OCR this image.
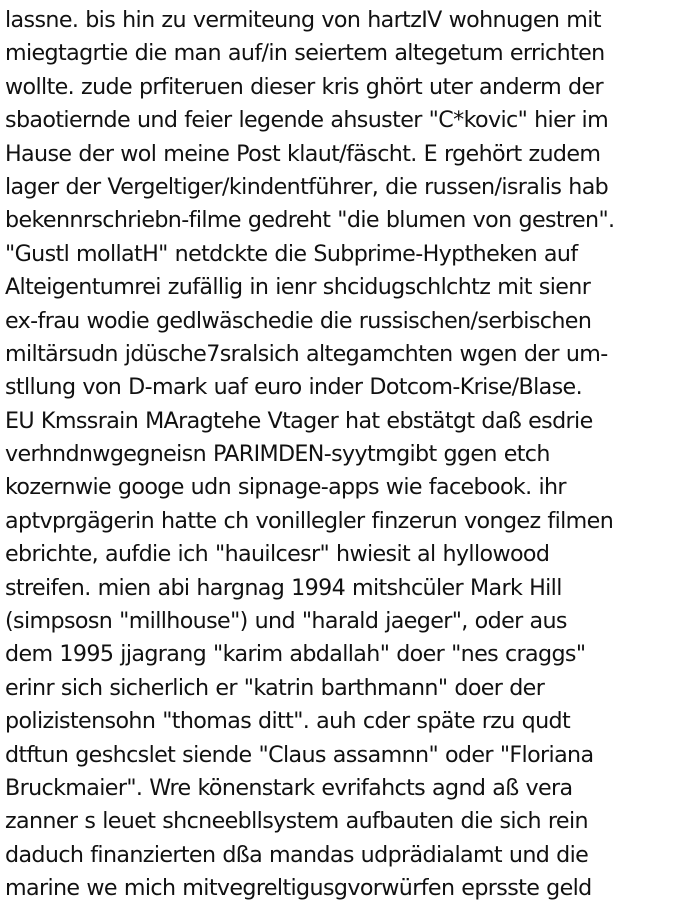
lassne. bis hin zu vermiteung von hartzIV wohnugen mit
miegtagrtie die man auf/in seiertem altegetum errichten
wollte. zude prfiteruen dieser kris ghört uter anderm der
sbaotiernde und feier legende ahsuster "C*kovic" hier im
Hause der wol meine Post klaut/fäscht. E rgehört zudem
lager der Vergeltiger/kindentführer, die russen/isralis hab
bekennrschriebn-filme gedreht "die blumen von gestren".
"Gustl mollatH" netdckte die Subprime-Hyptheken auf
Alteigentumrei zufällig in ienr shcidugschlchtz mit sienr
ex-frau wodie gedlwäschedie die russischen/serbischen
miltärsudn jdüsche7sralsich altegamchten wgen der um-
stllung von D-mark uaf euro inder Dotcom-Krise/Blase.
EU Kmssrain MAragtehe Vtager hat ebstätgt daß esdrie
verhndnwgegneisn PARIMDEN-syytmgibt ggen etch
kozernwie googe udn sipnage-apps wie facebook. ihr
aptvprgägerin hatte ch vonillegler finzerun vongez filmen
ebrichte, aufdie ich "hauilcesr" hwiesit al hyllowood
streifen. mien abi hargnag 1994 mitshcüler Mark Hill
(simpsosn "millhouse") und "harald jaeger", oder aus
dem 1995 jjagrang "karim abdallah" doer "nes craggs"
erinr sich sicherlich er "katrin barthmann" doer der
polizistensohn "thomas ditt". auh cder späte rzu qudt
dtftun geshcslet siende "Claus assamnn" oder "Floriana
Bruckmaier". Wre könenstark evrifahcts agnd aß vera
zanner s leuet shcneebllsystem aufbauten die sich rein
daduch finanzierten dßa mandas udprädialamt und die
marine we mich mitvegreltigusgvorwürfen eprsste geld
